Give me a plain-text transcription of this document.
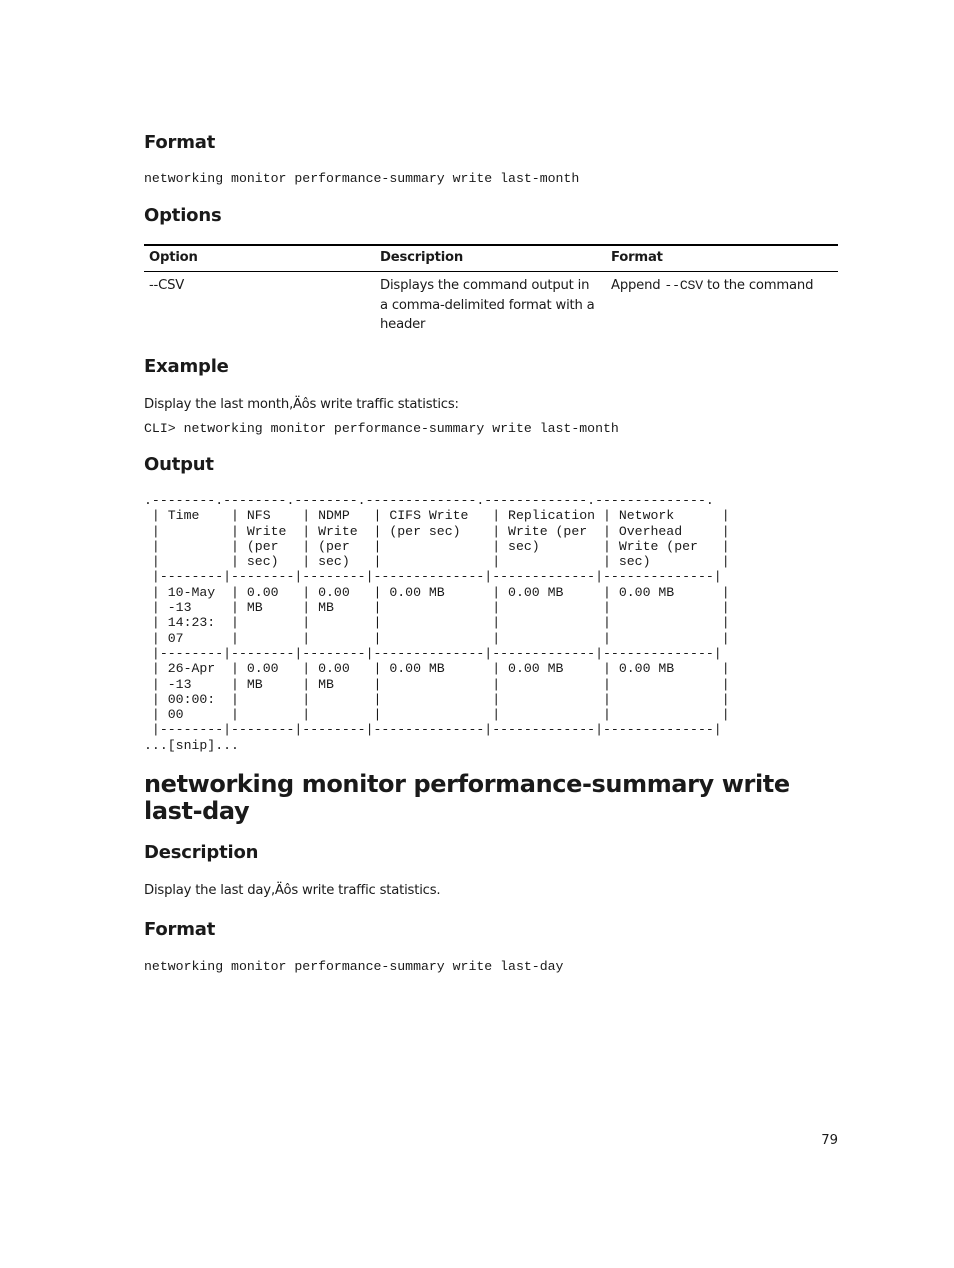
Format

networking monitor performance-summary write last-month

Options
Option	Description	Format
--CSV	Displays the command output in a comma-delimited format with a header	Append --CSV to the command
Example

Display the last month‚Äôs write traffic statistics:

CLI> networking monitor performance-summary write last-month

Output
.--------.--------.--------.--------------.-------------.--------------.
| Time    | NFS    | NDMP   | CIFS Write   | Replication | Network      |
|         | Write  | Write  | (per sec)    | Write (per  | Overhead     |
|         | (per   | (per   |              | sec)        | Write (per   |
|         | sec)   | sec)   |              |             | sec)         |
|--------|--------|--------|--------------|-------------|--------------|
| 10-May  | 0.00   | 0.00   | 0.00 MB      | 0.00 MB     | 0.00 MB      |
| -13     | MB     | MB     |              |             |              |
| 14:23:  |        |        |              |             |              |
| 07      |        |        |              |             |              |
|--------|--------|--------|--------------|-------------|--------------|
| 26-Apr  | 0.00   | 0.00   | 0.00 MB      | 0.00 MB     | 0.00 MB      |
| -13     | MB     | MB     |              |             |              |
| 00:00:  |        |        |              |             |              |
| 00      |        |        |              |             |              |
|--------|--------|--------|--------------|-------------|--------------|
...[snip]...
networking monitor performance-summary write last-day
Description

Display the last day‚Äôs write traffic statistics.

Format

networking monitor performance-summary write last-day

79
